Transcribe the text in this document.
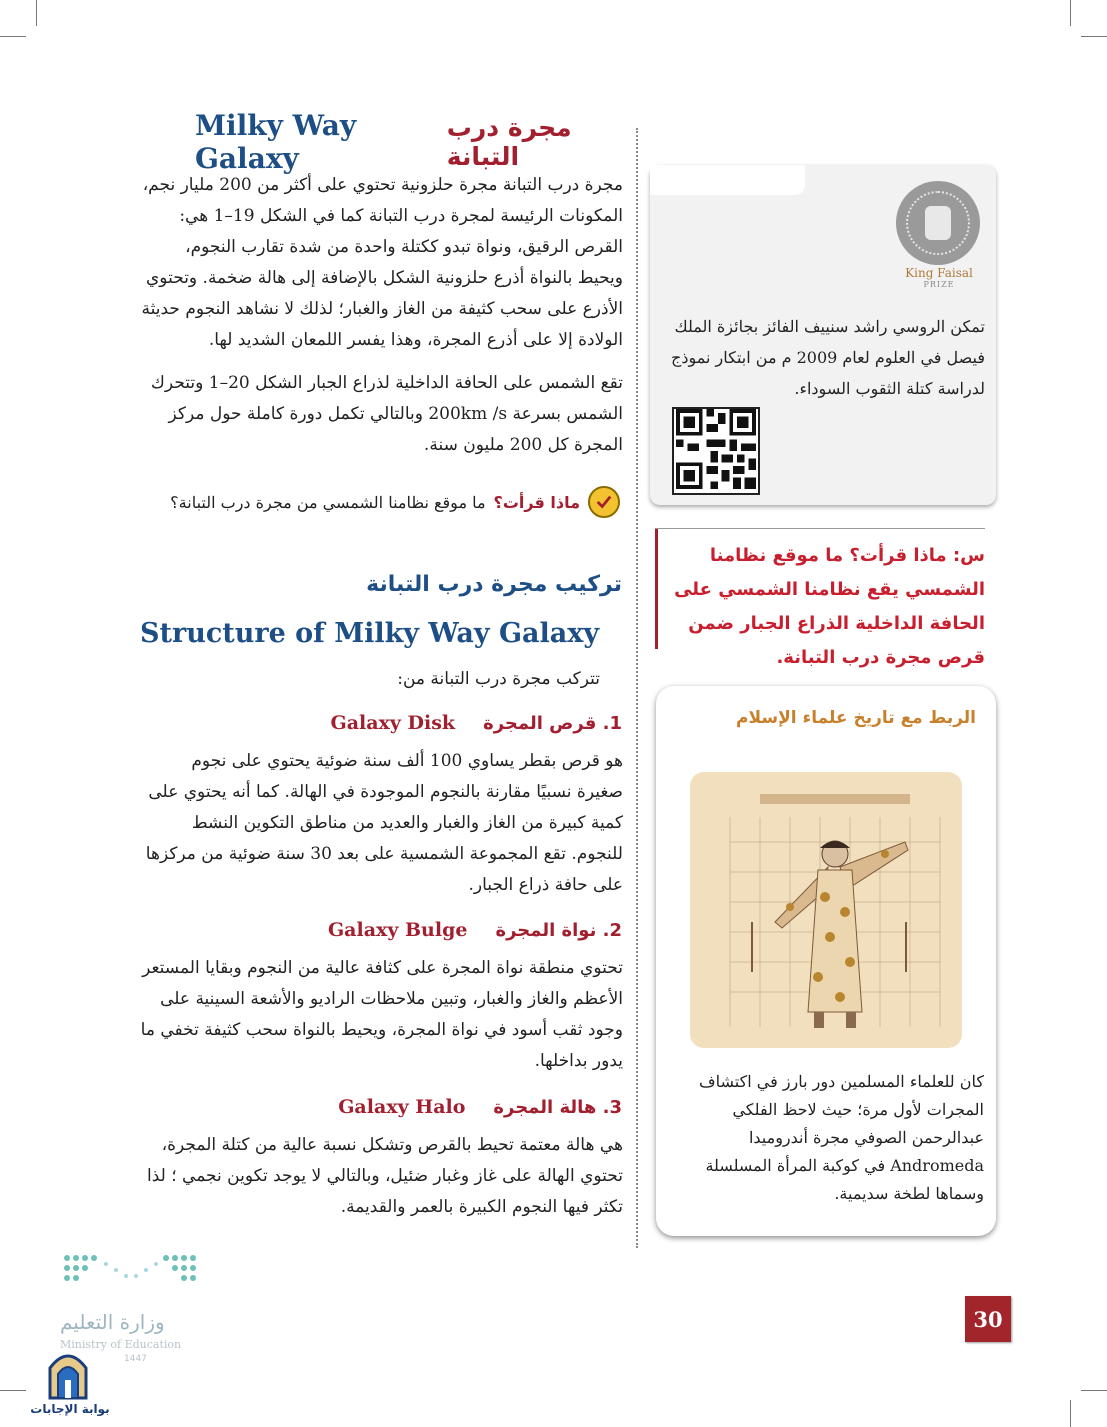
Milky Way Galaxy
مجرة درب التبانة
مجرة درب التبانة مجرة حلزونية تحتوي على أكثر من 200 مليار نجم، المكونات الرئيسة لمجرة درب التبانة كما في الشكل 19–1 هي: القرص الرقيق، ونواة تبدو ككتلة واحدة من شدة تقارب النجوم، ويحيط بالنواة أذرع حلزونية الشكل بالإضافة إلى هالة ضخمة. وتحتوي الأذرع على سحب كثيفة من الغاز والغبار؛ لذلك لا نشاهد النجوم حديثة الولادة إلا على أذرع المجرة، وهذا يفسر اللمعان الشديد لها.
تقع الشمس على الحافة الداخلية لذراع الجبار الشكل 20–1 وتتحرك الشمس بسرعة 200km /s وبالتالي تكمل دورة كاملة حول مركز المجرة كل 200 مليون سنة.
ما موقع نظامنا الشمسي من مجرة درب التبانة؟ ماذا قرأت؟
تركيب مجرة درب التبانة
Structure of Milky Way Galaxy
تتركب مجرة درب التبانة من:
Galaxy Disk 1. قرص المجرة
هو قرص بقطر يساوي 100 ألف سنة ضوئية يحتوي على نجوم صغيرة نسبيًا مقارنة بالنجوم الموجودة في الهالة. كما أنه يحتوي على كمية كبيرة من الغاز والغبار والعديد من مناطق التكوين النشط للنجوم. تقع المجموعة الشمسية على بعد 30 سنة ضوئية من مركزها على حافة ذراع الجبار.
Galaxy Bulge 2. نواة المجرة
تحتوي منطقة نواة المجرة على كثافة عالية من النجوم وبقايا المستعر الأعظم والغاز والغبار، وتبين ملاحظات الراديو والأشعة السينية على وجود ثقب أسود في نواة المجرة، ويحيط بالنواة سحب كثيفة تخفي ما يدور بداخلها.
Galaxy Halo 3. هالة المجرة
هي هالة معتمة تحيط بالقرص وتشكل نسبة عالية من كتلة المجرة، تحتوي الهالة على غاز وغبار ضئيل، وبالتالي لا يوجد تكوين نجمي ؛ لذا تكثر فيها النجوم الكبيرة بالعمر والقديمة.
King Faisal
PRIZE
تمكن الروسي راشد سنييف الفائز بجائزة الملك فيصل في العلوم لعام 2009 م من ابتكار نموذج لدراسة كتلة الثقوب السوداء.
س: ماذا قرأت؟ ما موقع نظامنا الشمسي يقع نظامنا الشمسي على الحافة الداخلية الذراع الجبار ضمن قرص مجرة درب التبانة.
الربط مع تاريخ علماء الإسلام
كان للعلماء المسلمين دور بارز في اكتشاف المجرات لأول مرة؛ حيث لاحظ الفلكي عبدالرحمن الصوفي مجرة أندروميدا Andromeda في كوكبة المرأة المسلسلة وسماها لطخة سديمية.
وزارة التعليم
Ministry of Education
1447
30
بوابة الإجابات
